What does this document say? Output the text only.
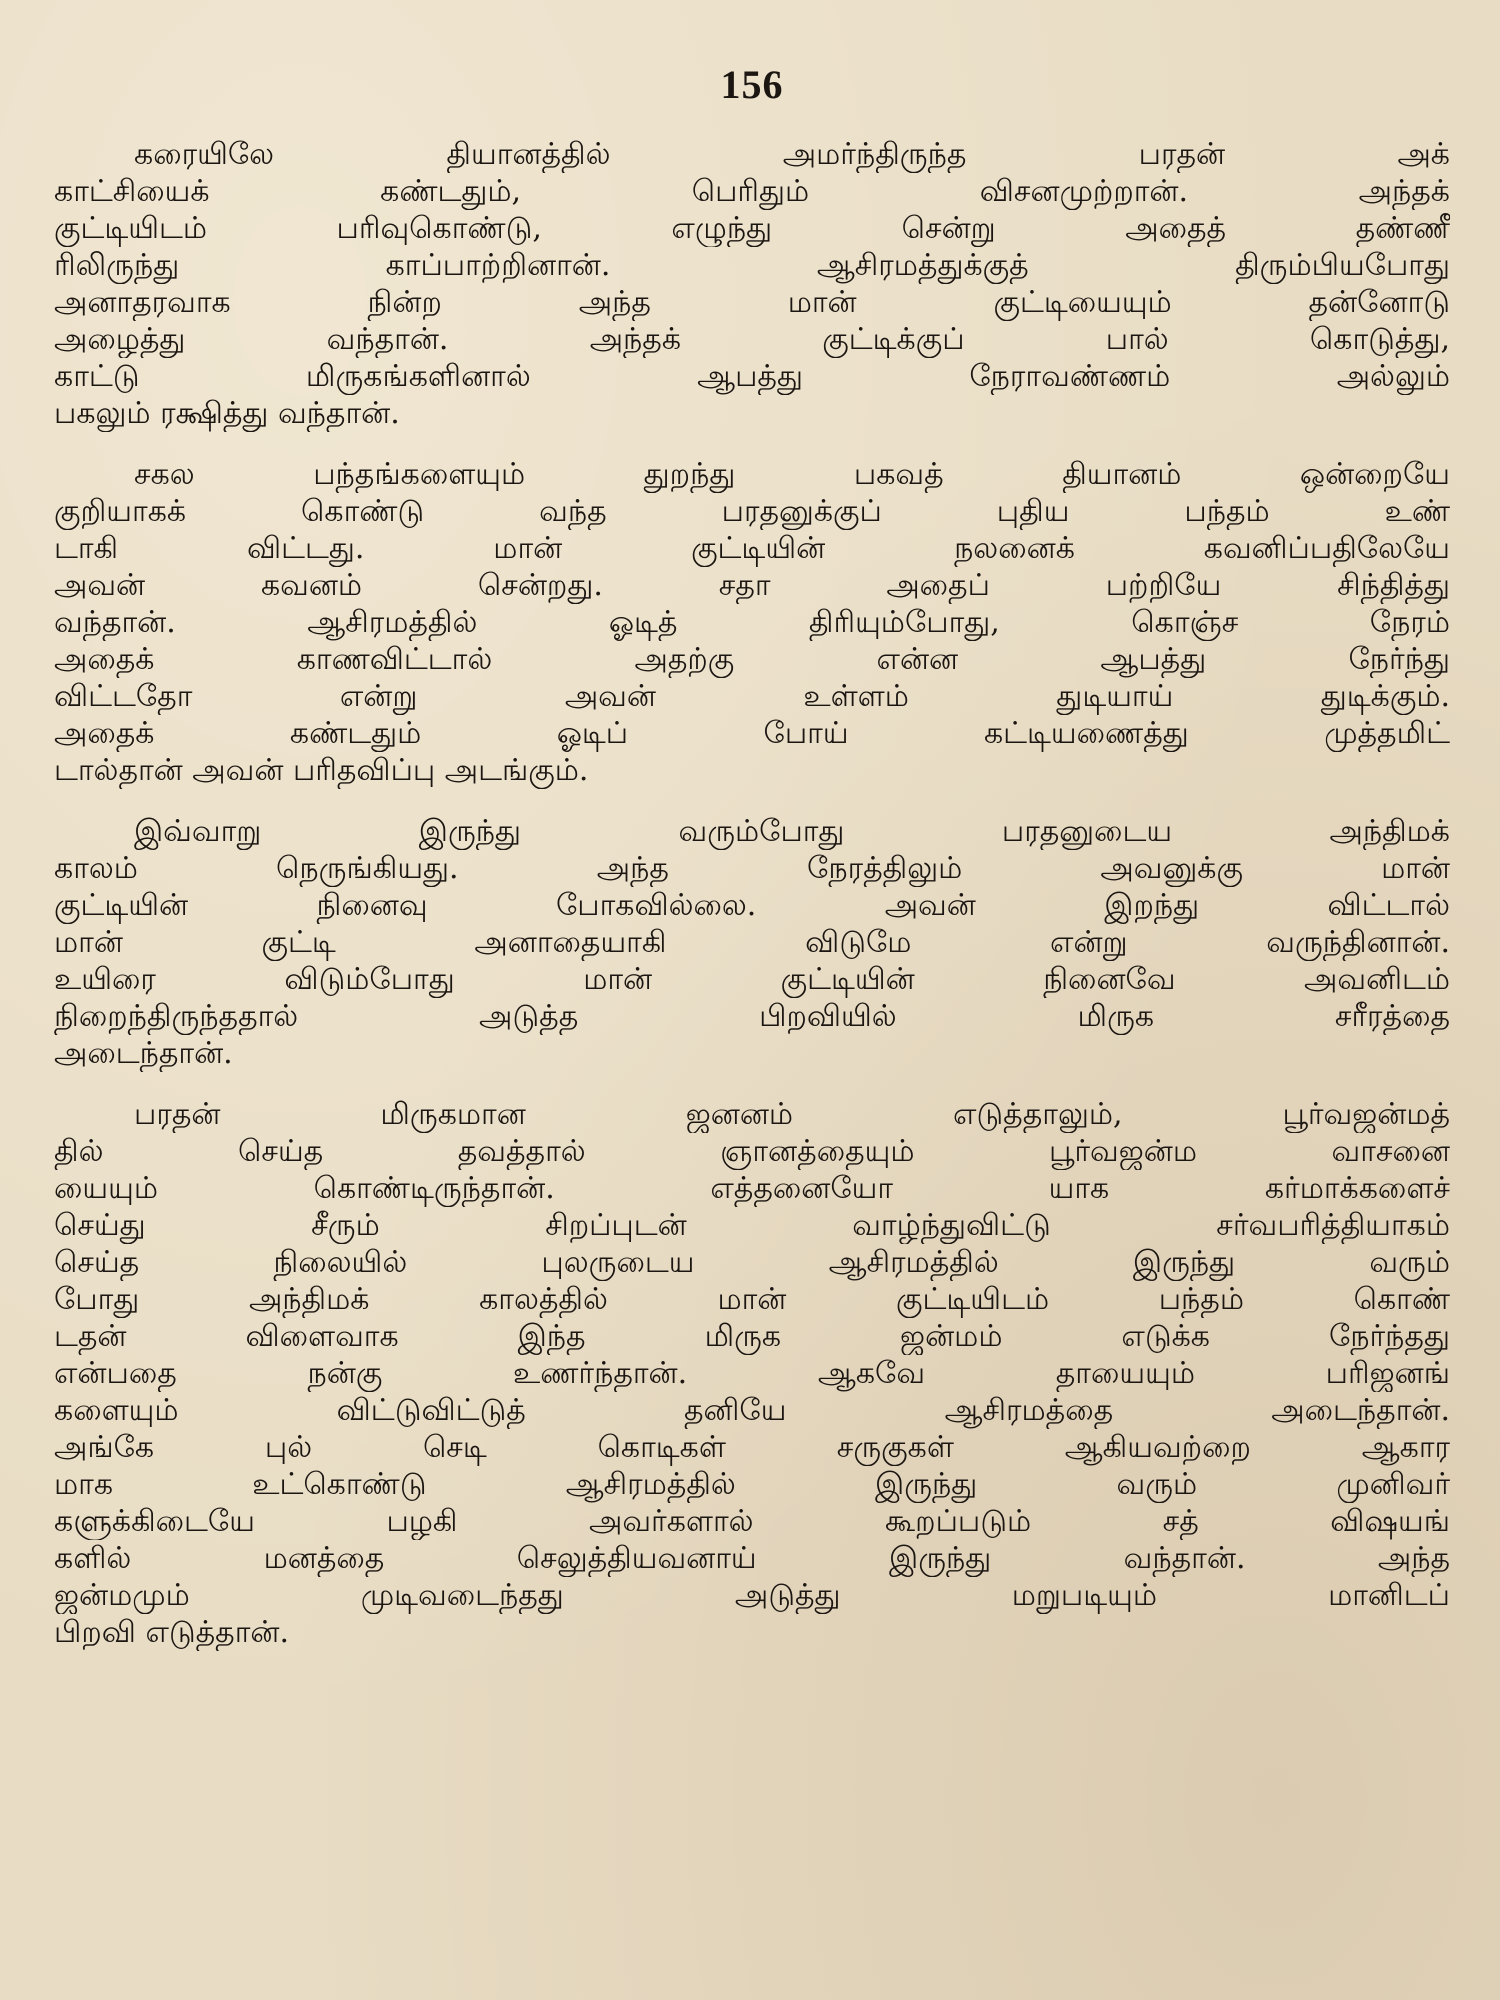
156
கரையிலே தியானத்தில் அமர்ந்திருந்த பரதன் அக்
காட்சியைக் கண்டதும், பெரிதும் விசனமுற்றான். அந்தக்
குட்டியிடம் பரிவுகொண்டு, எழுந்து சென்று அதைத் தண்ணீ
ரிலிருந்து காப்பாற்றினான். ஆசிரமத்துக்குத் திரும்பியபோது
அனாதரவாக நின்ற அந்த மான் குட்டியையும் தன்னோடு
அழைத்து வந்தான். அந்தக் குட்டிக்குப் பால் கொடுத்து,
காட்டு மிருகங்களினால் ஆபத்து நேராவண்ணம் அல்லும்
பகலும் ரக்ஷித்து வந்தான்.
சகல பந்தங்களையும் துறந்து பகவத் தியானம் ஒன்றையே
குறியாகக் கொண்டு வந்த பரதனுக்குப் புதிய பந்தம் உண்
டாகி விட்டது. மான் குட்டியின் நலனைக் கவனிப்பதிலேயே
அவன் கவனம் சென்றது. சதா அதைப் பற்றியே சிந்தித்து
வந்தான். ஆசிரமத்தில் ஓடித் திரியும்போது, கொஞ்ச நேரம்
அதைக் காணவிட்டால் அதற்கு என்ன ஆபத்து நேர்ந்து
விட்டதோ என்று அவன் உள்ளம் துடியாய் துடிக்கும்.
அதைக் கண்டதும் ஓடிப் போய் கட்டியணைத்து முத்தமிட்
டால்தான் அவன் பரிதவிப்பு அடங்கும்.
இவ்வாறு இருந்து வரும்போது பரதனுடைய அந்திமக்
காலம் நெருங்கியது. அந்த நேரத்திலும் அவனுக்கு மான்
குட்டியின் நினைவு போகவில்லை. அவன் இறந்து விட்டால்
மான் குட்டி அனாதையாகி விடுமே என்று வருந்தினான்.
உயிரை விடும்போது மான் குட்டியின் நினைவே அவனிடம்
நிறைந்திருந்ததால் அடுத்த பிறவியில் மிருக சரீரத்தை
அடைந்தான்.
பரதன் மிருகமான ஜனனம் எடுத்தாலும், பூர்வஜன்மத்
தில் செய்த தவத்தால் ஞானத்தையும் பூர்வஜன்ம வாசனை
யையும் கொண்டிருந்தான். எத்தனையோ யாக கர்மாக்களைச்
செய்து சீரும் சிறப்புடன் வாழ்ந்துவிட்டு சர்வபரித்தியாகம்
செய்த நிலையில் புலருடைய ஆசிரமத்தில் இருந்து வரும்
போது அந்திமக் காலத்தில் மான் குட்டியிடம் பந்தம் கொண்
டதன் விளைவாக இந்த மிருக ஜன்மம் எடுக்க நேர்ந்தது
என்பதை நன்கு உணர்ந்தான். ஆகவே தாயையும் பரிஜனங்
களையும் விட்டுவிட்டுத் தனியே ஆசிரமத்தை அடைந்தான்.
அங்கே புல் செடி கொடிகள் சருகுகள் ஆகியவற்றை ஆகார
மாக உட்கொண்டு ஆசிரமத்தில் இருந்து வரும் முனிவர்
களுக்கிடையே பழகி அவர்களால் கூறப்படும் சத் விஷயங்
களில் மனத்தை செலுத்தியவனாய் இருந்து வந்தான். அந்த
ஜன்மமும் முடிவடைந்தது அடுத்து மறுபடியும் மானிடப்
பிறவி எடுத்தான்.
